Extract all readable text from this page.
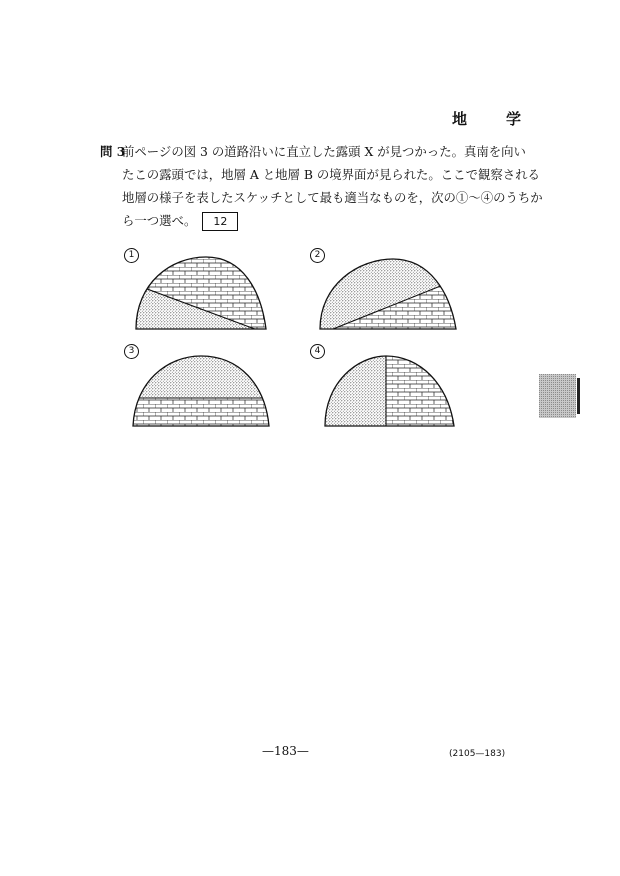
地　学
問 3
前ページの図 3 の道路沿いに直立した露頭 X が見つかった。真南を向い
たこの露頭では，地層 A と地層 B の境界面が見られた。ここで観察される
地層の様子を表したスケッチとして最も適当なものを，次の①～④のうちか
ら一つ選べ。 12
1	2
3	4
—183—	(2105—183)
